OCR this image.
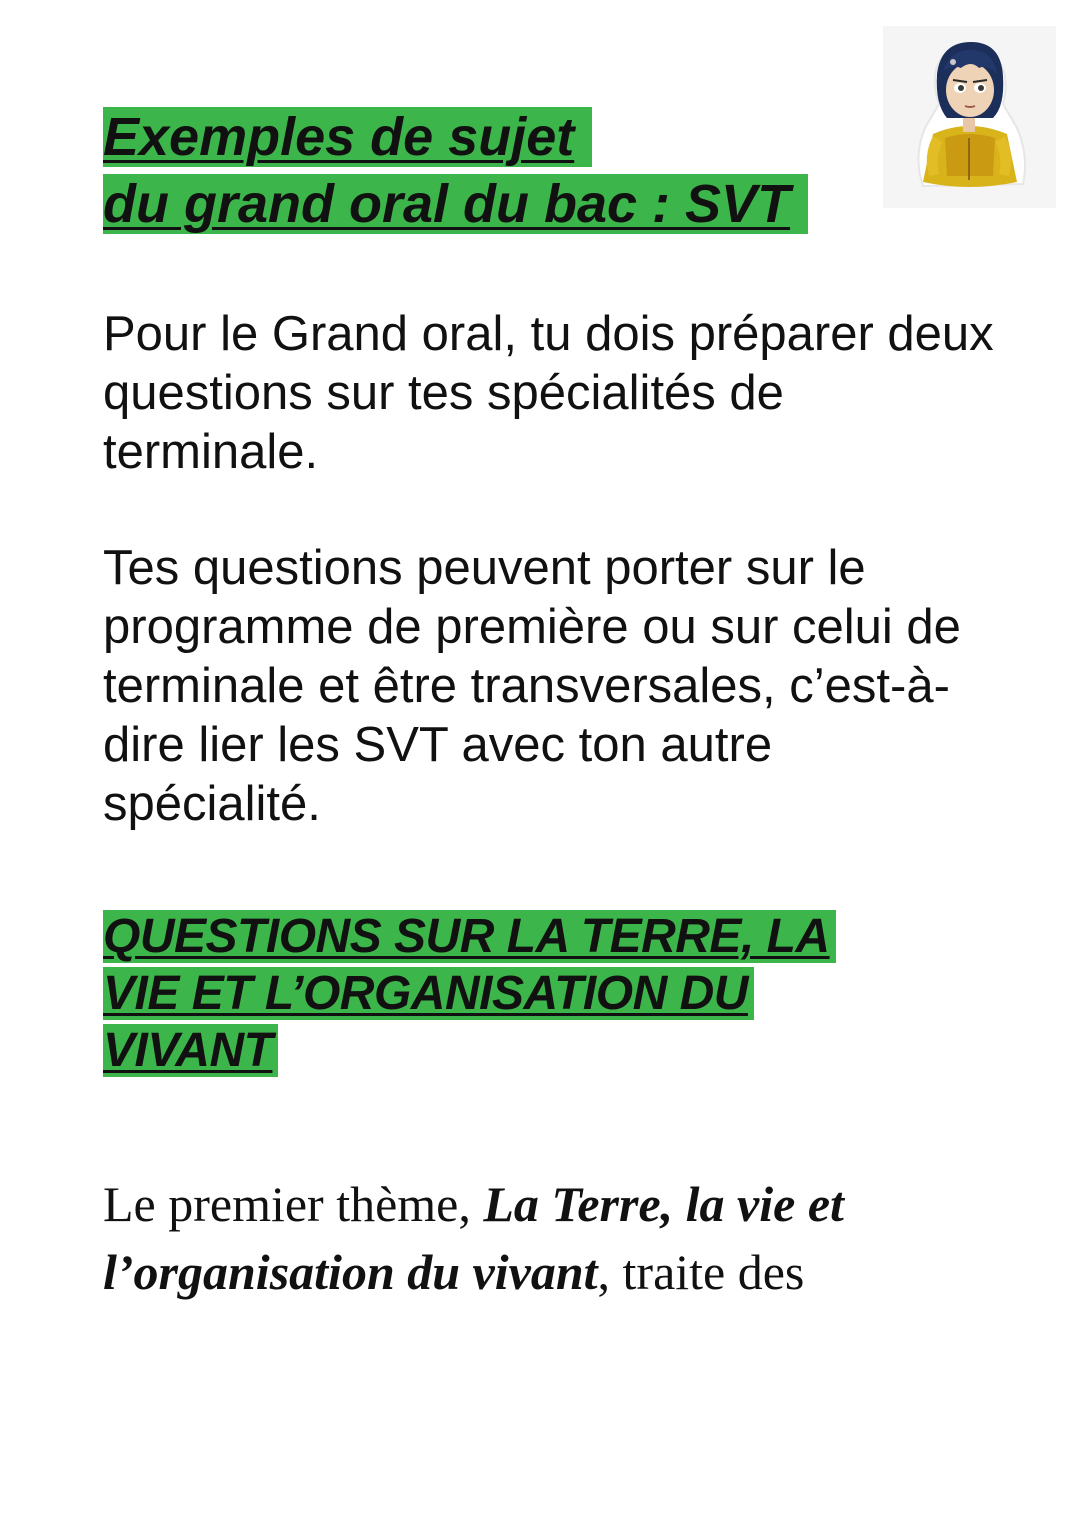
Exemples de sujet
du grand oral du bac : SVT

Pour le Grand oral, tu dois préparer deux questions sur tes spécialités de terminale.

Tes questions peuvent porter sur le programme de première ou sur celui de terminale et être transversales, c’est-à-dire lier les SVT avec ton autre spécialité.

QUESTIONS SUR LA TERRE, LA
VIE ET L’ORGANISATION DU
VIVANT

Le premier thème, La Terre, la vie et
l’organisation du vivant, traite des
